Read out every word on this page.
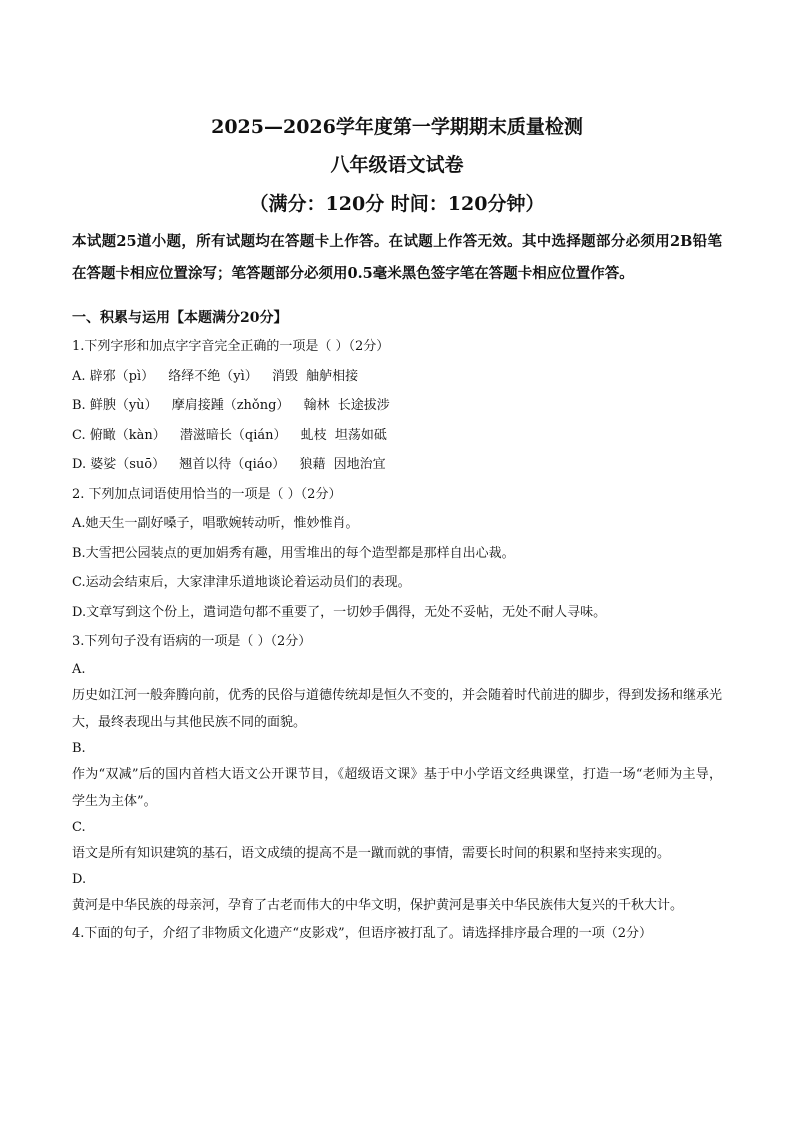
2025—2026学年度第一学期期末质量检测

八年级语文试卷

（满分：120分 时间：120分钟）

本试题25道小题，所有试题均在答题卡上作答。在试题上作答无效。其中选择题部分必须用2B铅笔在答题卡相应位置涂写；笔答题部分必须用0.5毫米黑色签字笔在答题卡相应位置作答。
一、积累与运用【本题满分20分】

1.下列字形和加点字字音完全正确的一项是（ ）（2分）

A. 辟邪（pì） 络绎不绝（yì） 消毁 舳舻相接
B. 鲜腴（yù） 摩肩接踵（zhǒng） 翰林 长途拔涉
C. 俯瞰（kàn） 潜滋暗长（qián） 虬枝 坦荡如砥
D. 婆娑（suō） 翘首以待（qiáo） 狼藉 因地治宜

2. 下列加点词语使用恰当的一项是（ ）（2分）

A.她天生一副好嗓子，唱歌婉转动听，惟妙惟肖。

B.大雪把公园装点的更加娟秀有趣，用雪堆出的每个造型都是那样自出心裁。

C.运动会结束后，大家津津乐道地谈论着运动员们的表现。

D.文章写到这个份上，遣词造句都不重要了，一切妙手偶得，无处不妥帖，无处不耐人寻味。

3.下列句子没有语病的一项是（ ）（2分）

A.

历史如江河一般奔腾向前，优秀的民俗与道德传统却是恒久不变的，并会随着时代前进的脚步，得到发扬和继承光大，最终表现出与其他民族不同的面貌。

B.

作为“双减”后的国内首档大语文公开课节目，《超级语文课》基于中小学语文经典课堂，打造一场“老师为主导，学生为主体”。

C.

语文是所有知识建筑的基石，语文成绩的提高不是一蹴而就的事情，需要长时间的积累和坚持来实现的。

D.

黄河是中华民族的母亲河，孕育了古老而伟大的中华文明，保护黄河是事关中华民族伟大复兴的千秋大计。

4.下面的句子，介绍了非物质文化遗产“皮影戏”，但语序被打乱了。请选择排序最合理的一项（2分）
